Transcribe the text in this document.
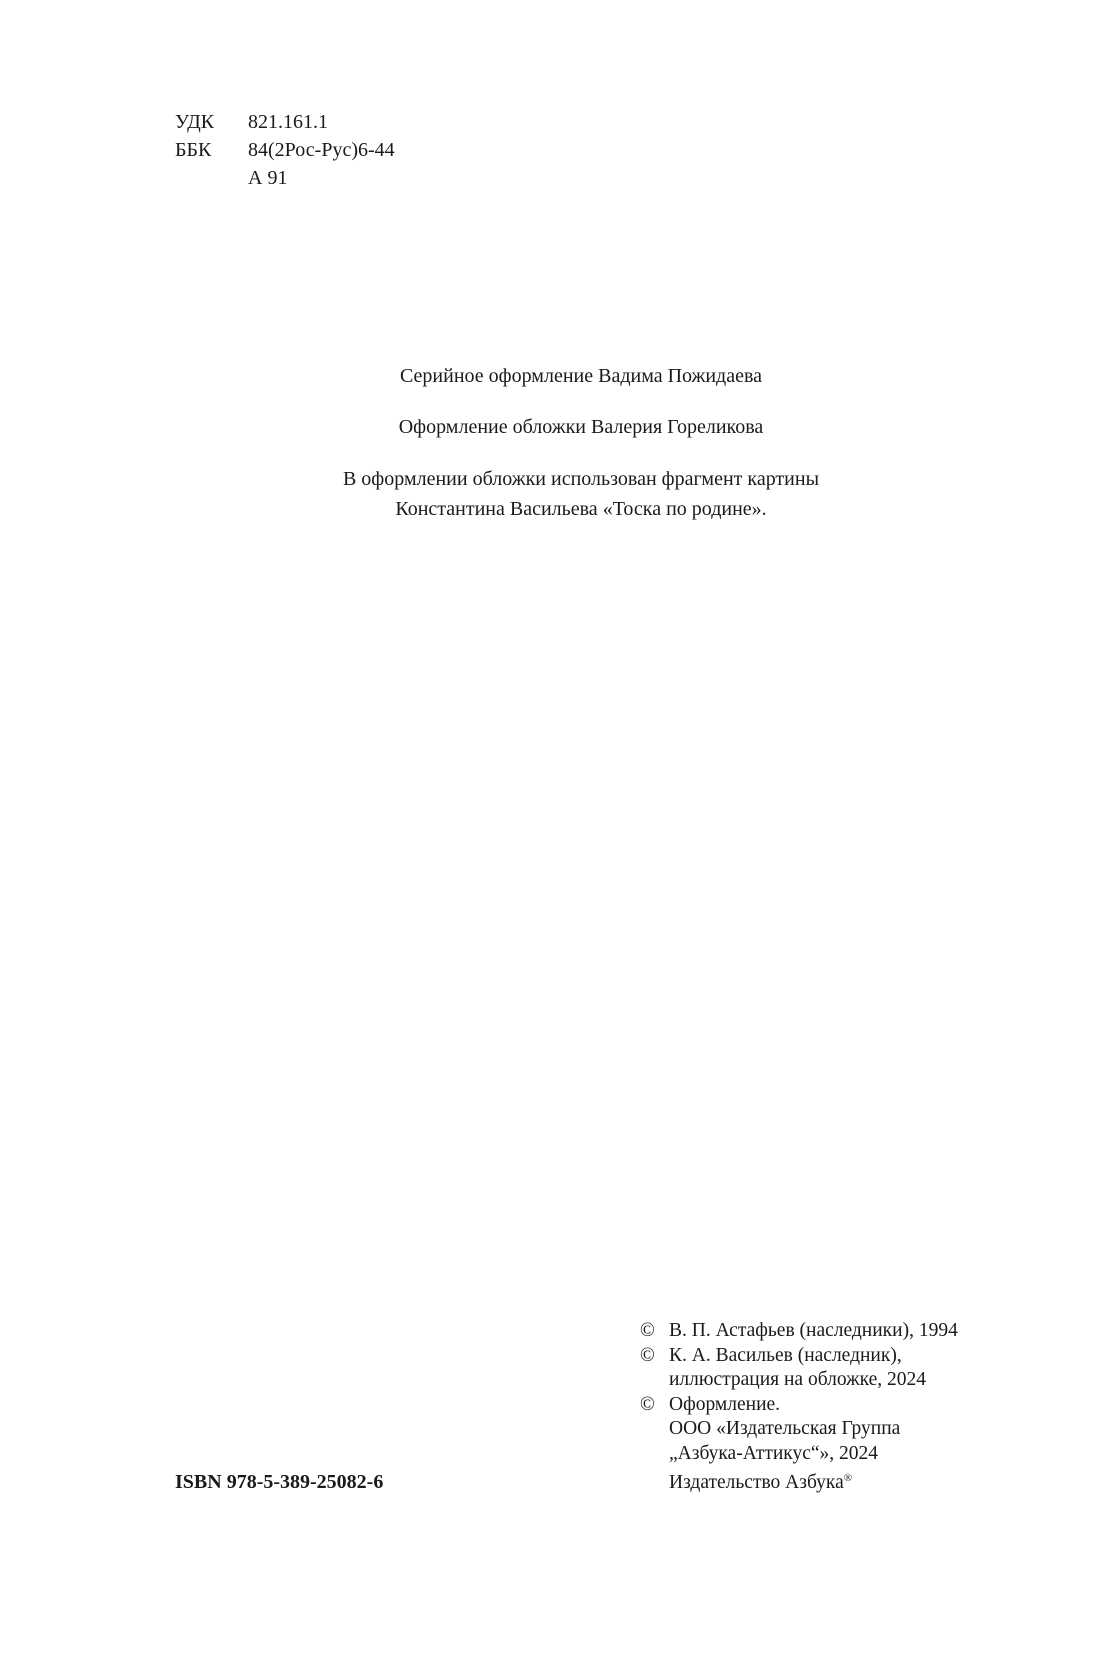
УДК	821.161.1
ББК	84(2Рос-Рус)6-44
А 91
Серийное оформление Вадима Пожидаева
Оформление обложки Валерия Гореликова
В оформлении обложки использован фрагмент картины
Константина Васильева «Тоска по родине».
© В. П. Астафьев (наследники), 1994
© К. А. Васильев (наследник),
иллюстрация на обложке, 2024
© Оформление.
ООО «Издательская Группа
„Азбука-Аттикус“», 2024
Издательство Азбука®
ISBN 978-5-389-25082-6
